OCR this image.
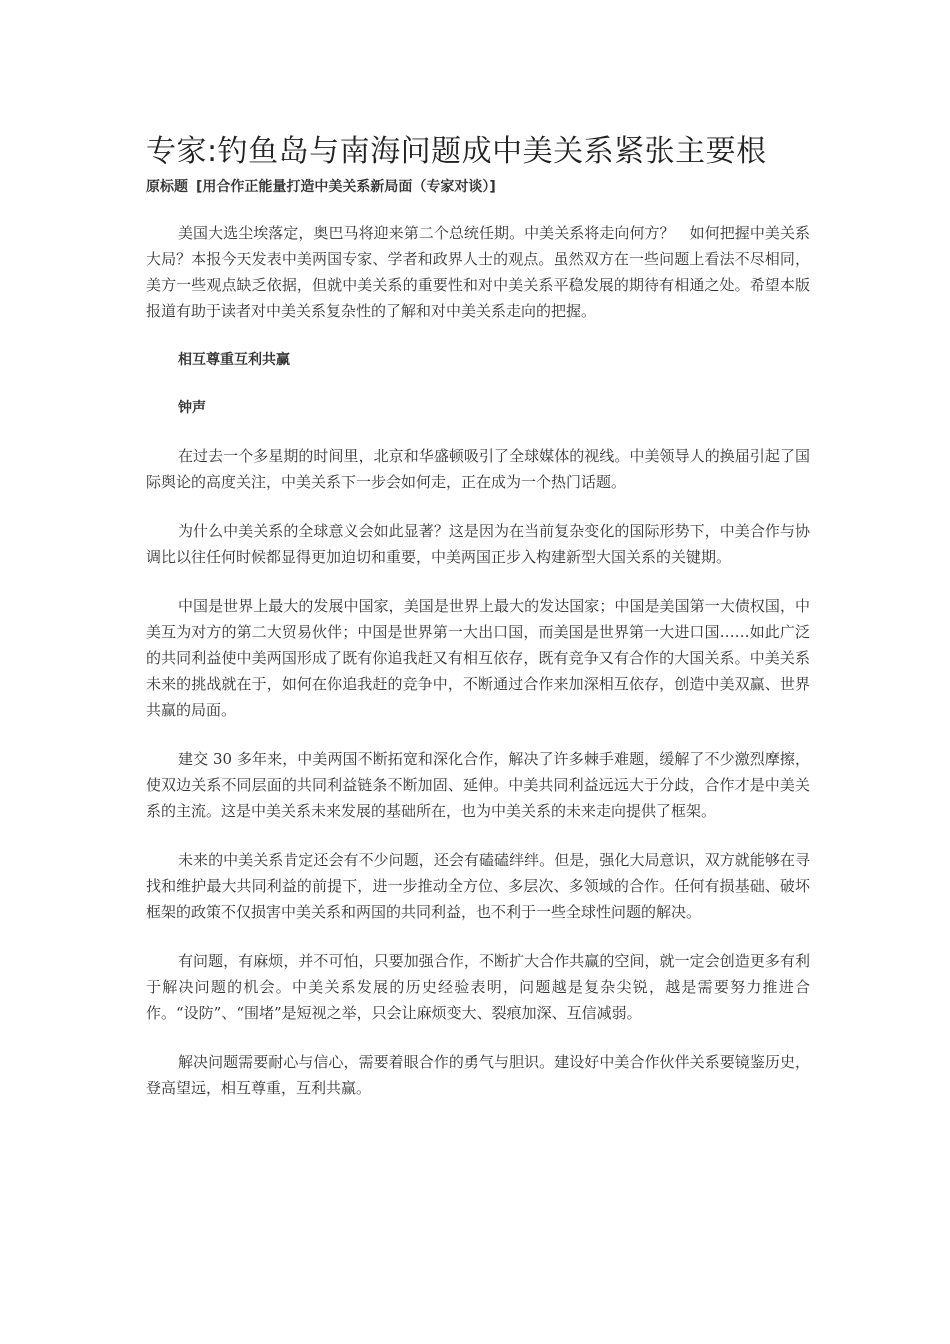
专家:钓鱼岛与南海问题成中美关系紧张主要根
原标题 [用合作正能量打造中美关系新局面（专家对谈）]

美国大选尘埃落定，奥巴马将迎来第二个总统任期。中美关系将走向何方？　如何把握中美关系大局？本报今天发表中美两国专家、学者和政界人士的观点。虽然双方在一些问题上看法不尽相同，美方一些观点缺乏依据，但就中美关系的重要性和对中美关系平稳发展的期待有相通之处。希望本版报道有助于读者对中美关系复杂性的了解和对中美关系走向的把握。

相互尊重互利共赢
钟声

在过去一个多星期的时间里，北京和华盛顿吸引了全球媒体的视线。中美领导人的换届引起了国际舆论的高度关注，中美关系下一步会如何走，正在成为一个热门话题。

为什么中美关系的全球意义会如此显著？这是因为在当前复杂变化的国际形势下，中美合作与协调比以往任何时候都显得更加迫切和重要，中美两国正步入构建新型大国关系的关键期。

中国是世界上最大的发展中国家，美国是世界上最大的发达国家；中国是美国第一大债权国，中美互为对方的第二大贸易伙伴；中国是世界第一大出口国，而美国是世界第一大进口国……如此广泛的共同利益使中美两国形成了既有你追我赶又有相互依存，既有竞争又有合作的大国关系。中美关系未来的挑战就在于，如何在你追我赶的竞争中，不断通过合作来加深相互依存，创造中美双赢、世界共赢的局面。

建交 30 多年来，中美两国不断拓宽和深化合作，解决了许多棘手难题，缓解了不少激烈摩擦，使双边关系不同层面的共同利益链条不断加固、延伸。中美共同利益远远大于分歧，合作才是中美关系的主流。这是中美关系未来发展的基础所在，也为中美关系的未来走向提供了框架。

未来的中美关系肯定还会有不少问题，还会有磕磕绊绊。但是，强化大局意识，双方就能够在寻找和维护最大共同利益的前提下，进一步推动全方位、多层次、多领域的合作。任何有损基础、破坏框架的政策不仅损害中美关系和两国的共同利益，也不利于一些全球性问题的解决。

有问题，有麻烦，并不可怕，只要加强合作，不断扩大合作共赢的空间，就一定会创造更多有利于解决问题的机会。中美关系发展的历史经验表明，问题越是复杂尖锐，越是需要努力推进合作。“设防”、“围堵”是短视之举，只会让麻烦变大、裂痕加深、互信减弱。

解决问题需要耐心与信心，需要着眼合作的勇气与胆识。建设好中美合作伙伴关系要镜鉴历史，登高望远，相互尊重，互利共赢。
